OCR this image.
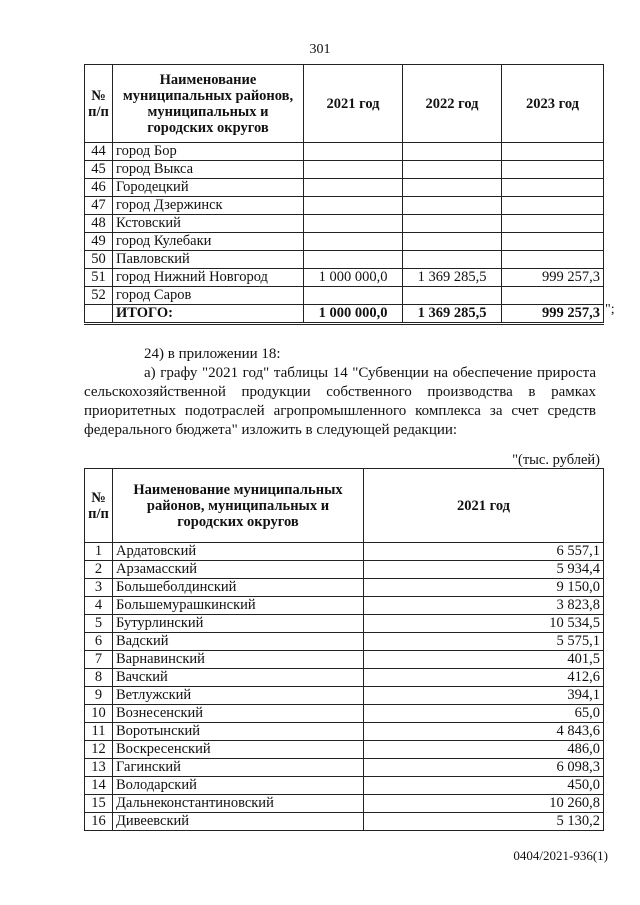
301
№ п/п	Наименование муниципальных районов, муниципальных и городских округов	2021 год	2022 год	2023 год
44	город Бор			
45	город Выкса			
46	Городецкий			
47	город Дзержинск			
48	Кстовский			
49	город Кулебаки			
50	Павловский			
51	город Нижний Новгород	1 000 000,0	1 369 285,5	999 257,3
52	город Саров			
	ИТОГО:	1 000 000,0	1 369 285,5	999 257,3 ";
24) в приложении 18:
а) графу "2021 год" таблицы 14 "Субвенции на обеспечение прироста сельскохозяйственной продукции собственного производства в рамках приоритетных подотраслей агропромышленного комплекса за счет средств федерального бюджета" изложить в следующей редакции:
"(тыс. рублей)
№ п/п	Наименование муниципальных районов, муниципальных и городских округов	2021 год
1	Ардатовский	6 557,1
2	Арзамасский	5 934,4
3	Большеболдинский	9 150,0
4	Большемурашкинский	3 823,8
5	Бутурлинский	10 534,5
6	Вадский	5 575,1
7	Варнавинский	401,5
8	Вачский	412,6
9	Ветлужский	394,1
10	Вознесенский	65,0
11	Воротынский	4 843,6
12	Воскресенский	486,0
13	Гагинский	6 098,3
14	Володарский	450,0
15	Дальнеконстантиновский	10 260,8
16	Дивеевский	5 130,2
0404/2021-936(1)
